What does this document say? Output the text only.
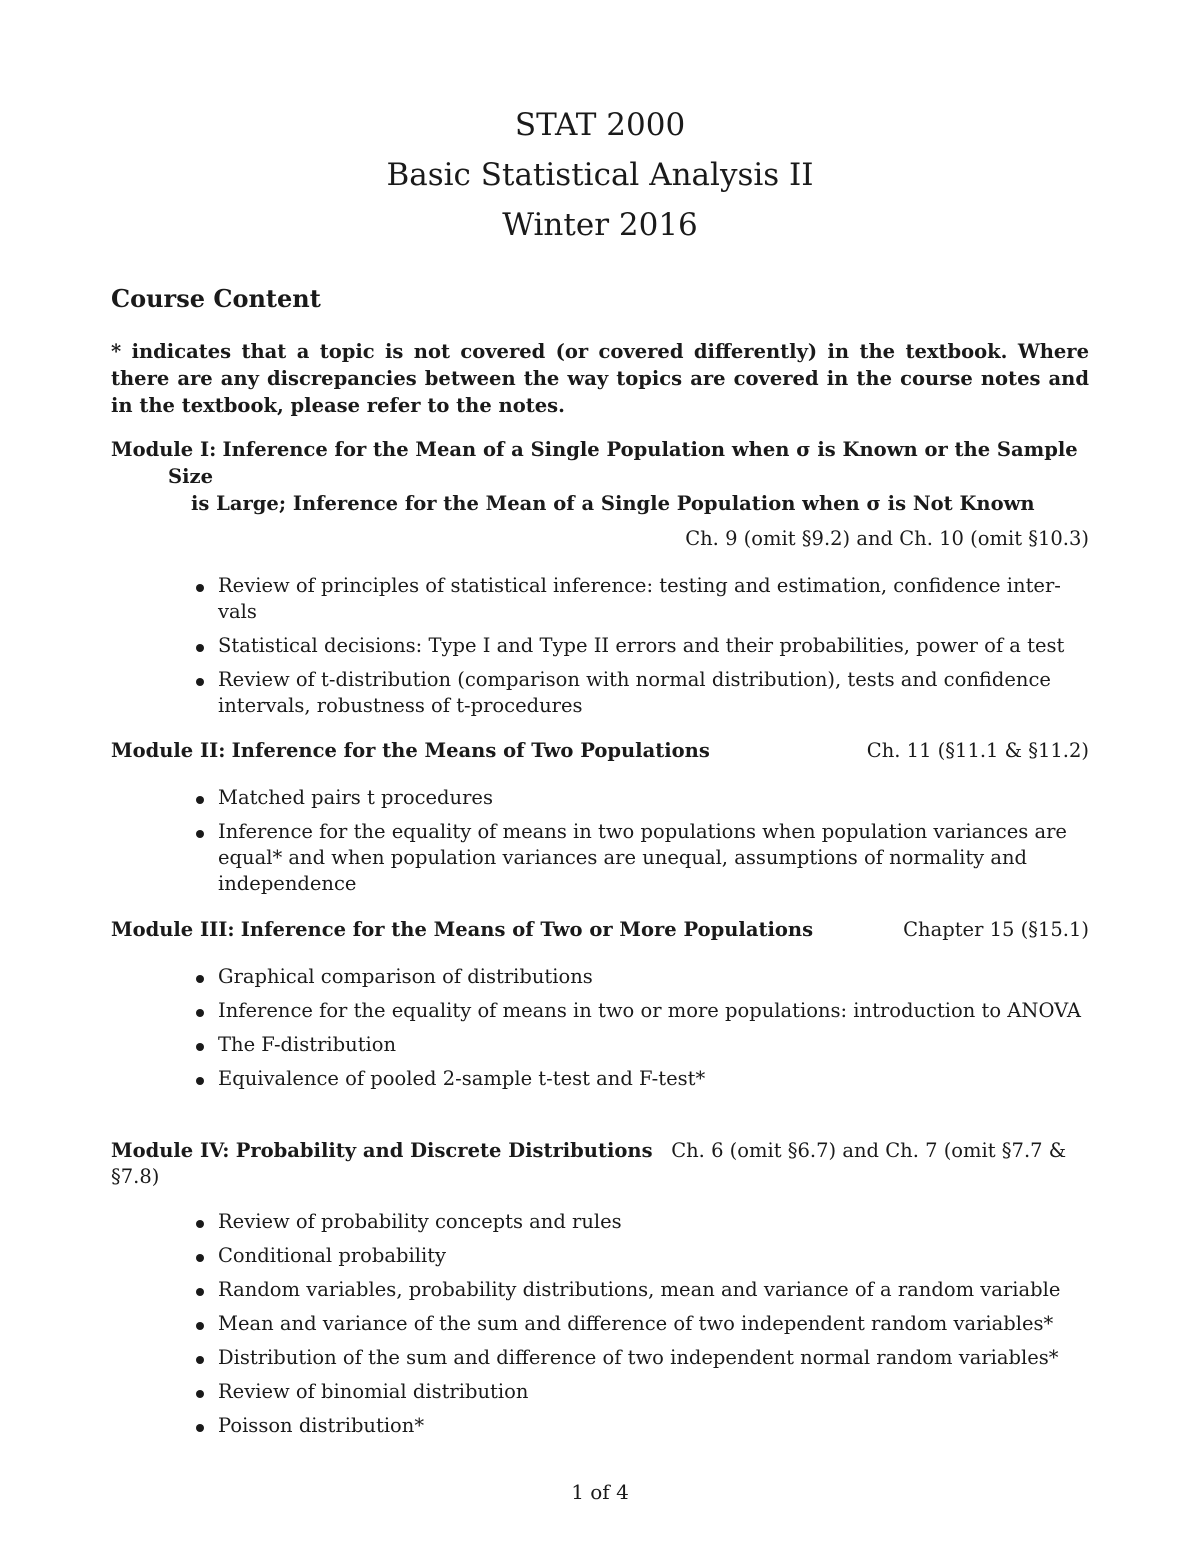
STAT 2000
Basic Statistical Analysis II
Winter 2016
Course Content
* indicates that a topic is not covered (or covered differently) in the textbook. Where there are any discrepancies between the way topics are covered in the course notes and in the textbook, please refer to the notes.
Module I: Inference for the Mean of a Single Population when σ is Known or the Sample
Size
is Large; Inference for the Mean of a Single Population when σ is Not Known
Ch. 9 (omit §9.2) and Ch. 10 (omit §10.3)
Review of principles of statistical inference: testing and estimation, confidence inter-vals
Statistical decisions: Type I and Type II errors and their probabilities, power of a test
Review of t-distribution (comparison with normal distribution), tests and confidence intervals, robustness of t-procedures
Module II: Inference for the Means of Two Populations	Ch. 11 (§11.1 & §11.2)
Matched pairs t procedures
Inference for the equality of means in two populations when population variances are equal* and when population variances are unequal, assumptions of normality and independence
Module III: Inference for the Means of Two or More Populations	Chapter 15 (§15.1)
Graphical comparison of distributions
Inference for the equality of means in two or more populations: introduction to ANOVA
The F-distribution
Equivalence of pooled 2-sample t-test and F-test*
Module IV: Probability and Discrete Distributions Ch. 6 (omit §6.7) and Ch. 7 (omit §7.7 & §7.8)
Review of probability concepts and rules
Conditional probability
Random variables, probability distributions, mean and variance of a random variable
Mean and variance of the sum and difference of two independent random variables*
Distribution of the sum and difference of two independent normal random variables*
Review of binomial distribution
Poisson distribution*
1 of 4
